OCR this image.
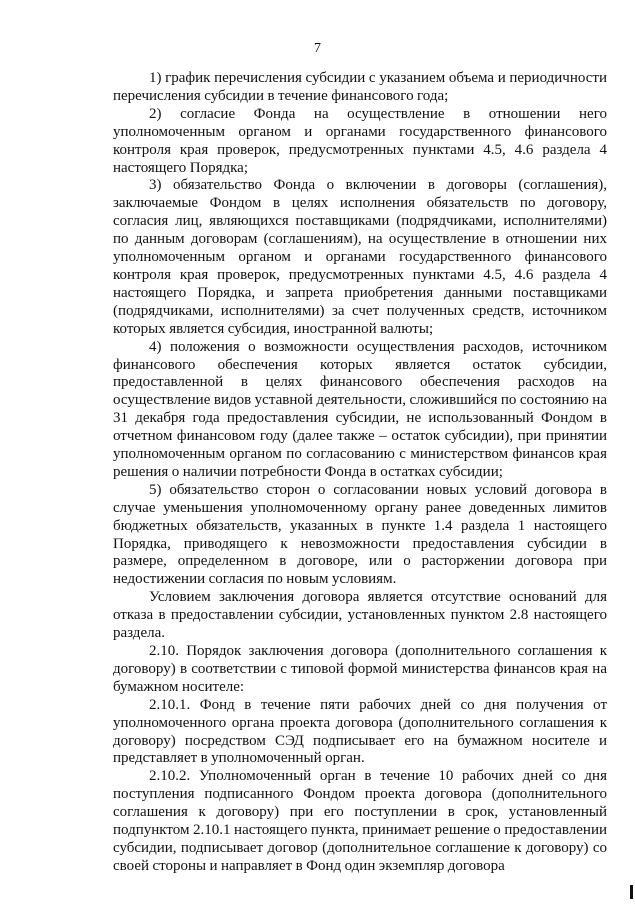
7

1) график перечисления субсидии с указанием объема и периодичности перечисления субсидии в течение финансового года;

2) согласие Фонда на осуществление в отношении него уполномоченным органом и органами государственного финансового контроля края проверок, предусмотренных пунктами 4.5, 4.6 раздела 4 настоящего Порядка;

3) обязательство Фонда о включении в договоры (соглашения), заключаемые Фондом в целях исполнения обязательств по договору, согласия лиц, являющихся поставщиками (подрядчиками, исполнителями) по данным договорам (соглашениям), на осуществление в отношении них уполномоченным органом и органами государственного финансового контроля края проверок, предусмотренных пунктами 4.5, 4.6 раздела 4 настоящего Порядка, и запрета приобретения данными поставщиками (подрядчиками, исполнителями) за счет полученных средств, источником которых является субсидия, иностранной валюты;

4) положения о возможности осуществления расходов, источником финансового обеспечения которых является остаток субсидии, предоставленной в целях финансового обеспечения расходов на осуществление видов уставной деятельности, сложившийся по состоянию на 31 декабря года предоставления субсидии, не использованный Фондом в отчетном финансовом году (далее также – остаток субсидии), при принятии уполномоченным органом по согласованию с министерством финансов края решения о наличии потребности Фонда в остатках субсидии;

5) обязательство сторон о согласовании новых условий договора в случае уменьшения уполномоченному органу ранее доведенных лимитов бюджетных обязательств, указанных в пункте 1.4 раздела 1 настоящего Порядка, приводящего к невозможности предоставления субсидии в размере, определенном в договоре, или о расторжении договора при недостижении согласия по новым условиям.

Условием заключения договора является отсутствие оснований для отказа в предоставлении субсидии, установленных пунктом 2.8 настоящего раздела.

2.10. Порядок заключения договора (дополнительного соглашения к договору) в соответствии с типовой формой министерства финансов края на бумажном носителе:

2.10.1. Фонд в течение пяти рабочих дней со дня получения от уполномоченного органа проекта договора (дополнительного соглашения к договору) посредством СЭД подписывает его на бумажном носителе и представляет в уполномоченный орган.

2.10.2. Уполномоченный орган в течение 10 рабочих дней со дня поступления подписанного Фондом проекта договора (дополнительного соглашения к договору) при его поступлении в срок, установленный подпунктом 2.10.1 настоящего пункта, принимает решение о предоставлении субсидии, подписывает договор (дополнительное соглашение к договору) со своей стороны и направляет в Фонд один экземпляр договора
